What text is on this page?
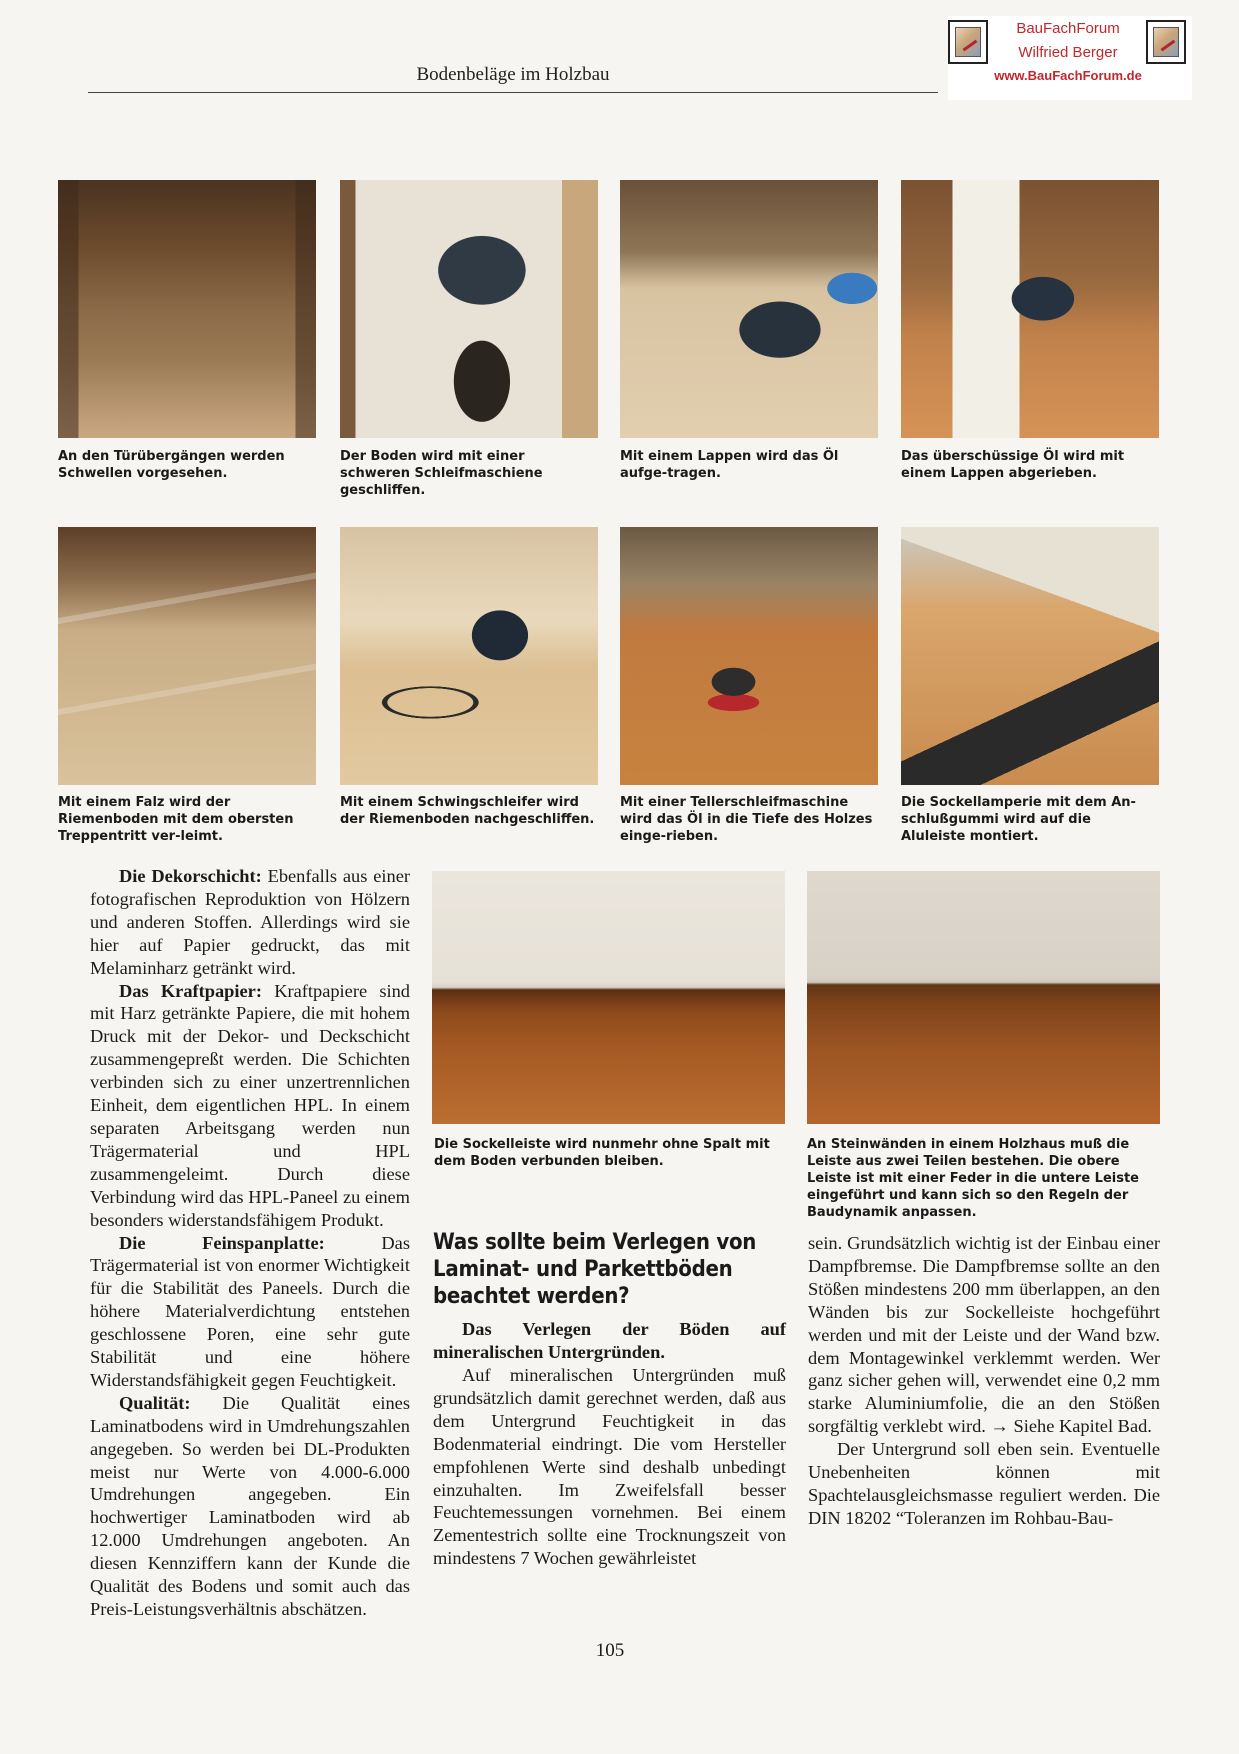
Bodenbeläge im Holzbau
BauFachForum
Wilfried Berger
www.BauFachForum.de
An den Türübergängen werden Schwellen vorgesehen.
Der Boden wird mit einer schweren Schleifmaschiene geschliffen.
Mit einem Lappen wird das Öl aufge-tragen.
Das überschüssige Öl wird mit einem Lappen abgerieben.
Mit einem Falz wird der Riemenboden mit dem obersten Treppentritt ver-leimt.
Mit einem Schwingschleifer wird der Riemenboden nachgeschliffen.
Mit einer Tellerschleifmaschine wird das Öl in die Tiefe des Holzes einge-rieben.
Die Sockellamperie mit dem An-schlußgummi wird auf die Aluleiste montiert.
Die Sockelleiste wird nunmehr ohne Spalt mit dem Boden verbunden bleiben.
An Steinwänden in einem Holzhaus muß die Leiste aus zwei Teilen bestehen. Die obere Leiste ist mit einer Feder in die untere Leiste eingeführt und kann sich so den Regeln der Baudynamik anpassen.

Die Dekorschicht: Ebenfalls aus einer fotografischen Reproduktion von Hölzern und anderen Stoffen. Allerdings wird sie hier auf Papier gedruckt, das mit Melaminharz getränkt wird.

Das Kraftpapier: Kraftpapiere sind mit Harz getränkte Papiere, die mit hohem Druck mit der Dekor- und Deckschicht zusammengepreßt werden. Die Schichten verbinden sich zu einer unzertrennlichen Einheit, dem eigentlichen HPL. In einem separaten Arbeitsgang werden nun Trägermaterial und HPL zusammengeleimt. Durch diese Verbindung wird das HPL-Paneel zu einem besonders widerstandsfähigem Produkt.

Die Feinspanplatte: Das Trägermaterial ist von enormer Wichtigkeit für die Stabilität des Paneels. Durch die höhere Materialverdichtung entstehen geschlossene Poren, eine sehr gute Stabilität und eine höhere Widerstandsfähigkeit gegen Feuchtigkeit.

Qualität: Die Qualität eines Laminatbodens wird in Umdrehungszahlen angegeben. So werden bei DL-Produkten meist nur Werte von 4.000-6.000 Umdrehungen angegeben. Ein hochwertiger Laminatboden wird ab 12.000 Umdrehungen angeboten. An diesen Kennziffern kann der Kunde die Qualität des Bodens und somit auch das Preis-Leistungsverhältnis abschätzen.

Was sollte beim Verlegen von Laminat- und Parkettböden beachtet werden?
Das Verlegen der Böden auf mineralischen Untergründen.

Auf mineralischen Untergründen muß grundsätzlich damit gerechnet werden, daß aus dem Untergrund Feuchtigkeit in das Bodenmaterial eindringt. Die vom Hersteller empfohlenen Werte sind deshalb unbedingt einzuhalten. Im Zweifelsfall besser Feuchtemessungen vornehmen. Bei einem Zementestrich sollte eine Trocknungszeit von mindestens 7 Wochen gewährleistet

sein. Grundsätzlich wichtig ist der Einbau einer Dampfbremse. Die Dampfbremse sollte an den Stößen mindestens 200 mm überlappen, an den Wänden bis zur Sockelleiste hochgeführt werden und mit der Leiste und der Wand bzw. dem Montagewinkel verklemmt werden. Wer ganz sicher gehen will, verwendet eine 0,2 mm starke Aluminiumfolie, die an den Stößen sorgfältig verklebt wird. → Siehe Kapitel Bad.

Der Untergrund soll eben sein. Eventuelle Unebenheiten können mit Spachtelausgleichsmasse reguliert werden. Die DIN 18202 “Toleranzen im Rohbau-Bau-

105
